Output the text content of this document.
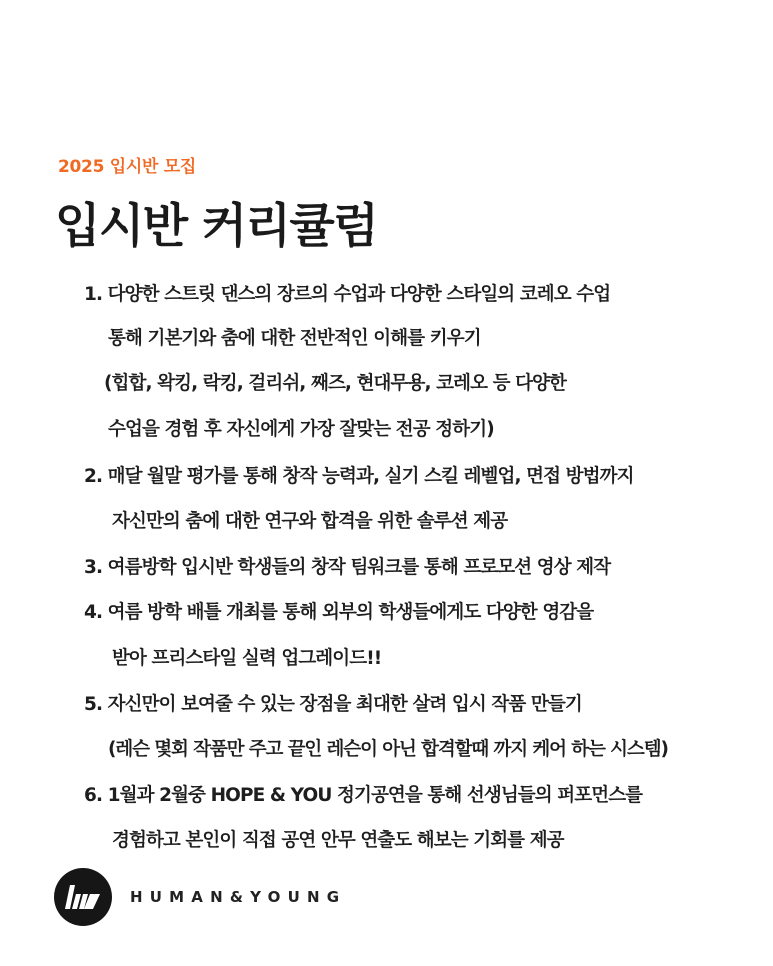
2025 입시반 모집
입시반 커리큘럼
1. 다양한 스트릿 댄스의 장르의 수업과 다양한 스타일의 코레오 수업
통해 기본기와 춤에 대한 전반적인 이해를 키우기
(힙합, 왁킹, 락킹, 걸리쉬, 째즈, 현대무용, 코레오 등 다양한
수업을 경험 후 자신에게 가장 잘맞는 전공 정하기)
2. 매달 월말 평가를 통해 창작 능력과, 실기 스킬 레벨업, 면접 방법까지
자신만의 춤에 대한 연구와 합격을 위한 솔루션 제공
3. 여름방학 입시반 학생들의 창작 팀워크를 통해 프로모션 영상 제작
4. 여름 방학 배틀 개최를 통해 외부의 학생들에게도 다양한 영감을
받아 프리스타일 실력 업그레이드!!
5. 자신만이 보여줄 수 있는 장점을 최대한 살려 입시 작품 만들기
(레슨 몇회 작품만 주고 끝인 레슨이 아닌 합격할때 까지 케어 하는 시스템)
6. 1월과 2월중 HOPE & YOU 정기공연을 통해 선생님들의 퍼포먼스를
경험하고 본인이 직접 공연 안무 연출도 해보는 기회를 제공
HUMAN&YOUNG
